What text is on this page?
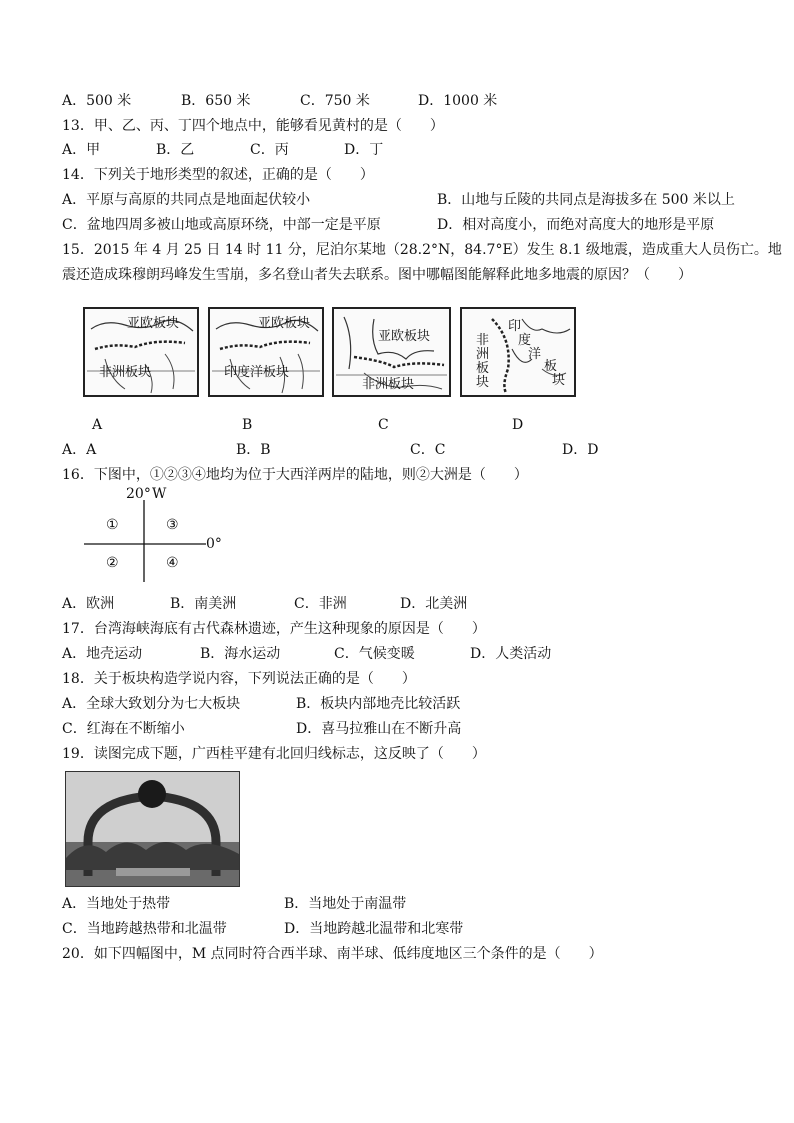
A．500 米	B．650 米	C．750 米	D．1000 米
13．甲、乙、丙、丁四个地点中，能够看见黄村的是（　　）
A．甲	B．乙	C．丙	D．丁
14．下列关于地形类型的叙述，正确的是（　　）
A．平原与高原的共同点是地面起伏较小	B．山地与丘陵的共同点是海拔多在 500 米以上
C．盆地四周多被山地或高原环绕，中部一定是平原	D．相对高度小，而绝对高度大的地形是平原
15．2015 年 4 月 25 日 14 时 11 分，尼泊尔某地（28.2°N，84.7°E）发生 8.1 级地震，造成重大人员伤亡。地
震还造成珠穆朗玛峰发生雪崩，多名登山者失去联系。图中哪幅图能解释此地多地震的原因？（　　）
亚欧板块
非洲板块
亚欧板块
印度洋板块
亚欧板块
非洲板块
印
度
洋
板
块
非
洲
板
块
A	B	C	D
A．A	B．B	C．C	D．D
16．下图中，①②③④地均为位于大西洋两岸的陆地，则②大洲是（　　）
20° W
0°
①	③
②	④
A．欧洲	B．南美洲	C．非洲	D．北美洲
17．台湾海峡海底有古代森林遗迹，产生这种现象的原因是（　　）
A．地壳运动	B．海水运动	C．气候变暖	D．人类活动
18．关于板块构造学说内容，下列说法正确的是（　　）
A．全球大致划分为七大板块	B．板块内部地壳比较活跃
C．红海在不断缩小	D．喜马拉雅山在不断升高
19．读图完成下题，广西桂平建有北回归线标志，这反映了（　　）
A．当地处于热带	B．当地处于南温带
C．当地跨越热带和北温带	D．当地跨越北温带和北寒带
20．如下四幅图中，M 点同时符合西半球、南半球、低纬度地区三个条件的是（　　）
